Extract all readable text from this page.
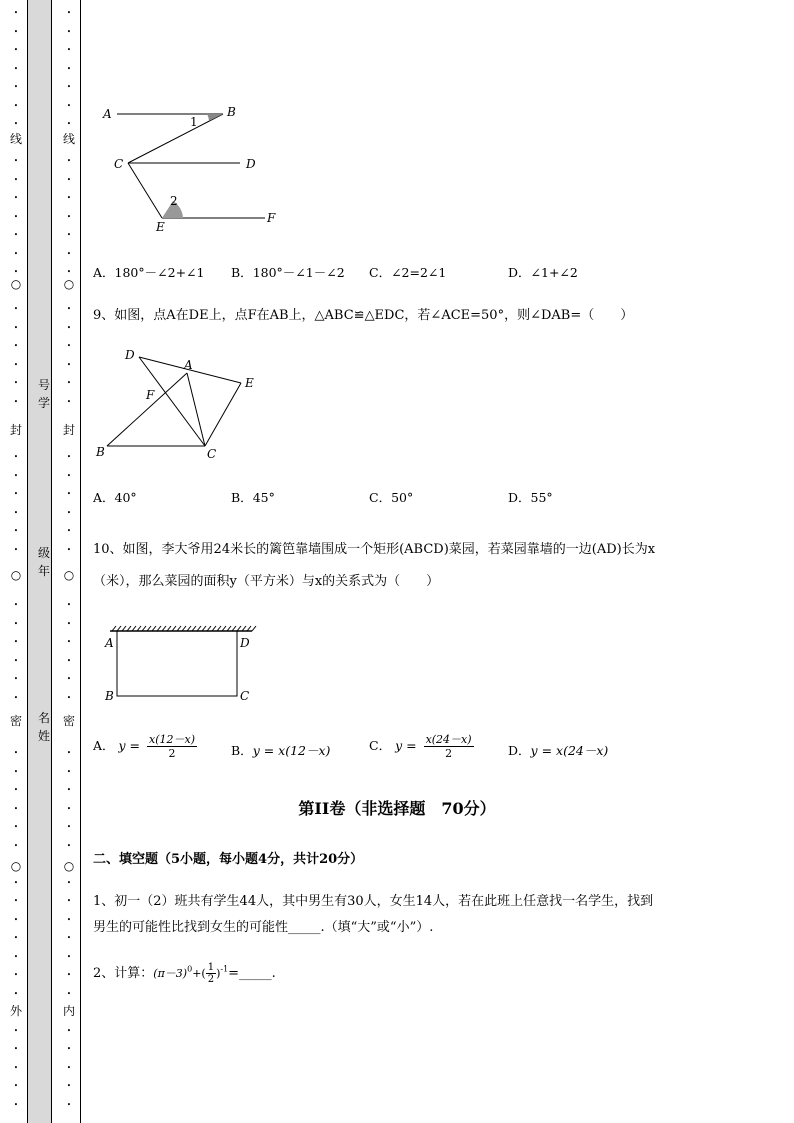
•
•
•
•
•
•
•
•
•
•
•
•
•
•
•
•
•
•
•
•
•
•
•
•
•
•
•
•
•
•
•
•
•
•
•
•
•
•
•
•
•
•
•
•
•
•
•
•
•
•
•
•
•
•
•
•
•
•
•
•
•
•
•
•
•
•
•
•
•
•
•
•
•
•
•
•
•
•
•
•
•
•
•
•
•
•
•
•
•
•
•
•
•
•
•
•
•
•
•
•
线
○
封
○
密
○
外
线
○
封
○
密
○
内
号学
级年
名姓
A	B
1
C	D
2
E
F
A．180°－∠2+∠1 B．180°－∠1－∠2 C．∠2=2∠1	D．∠1+∠2
9、如图，点A在DE上，点F在AB上，△ABC≌△EDC，若∠ACE=50°，则∠DAB=（　　）
D
A
E
F
B	C
A．40°	B．45°	C．50°	D．55°
10、如图，李大爷用24米长的篱笆靠墙围成一个矩形(ABCD)菜园，若菜园靠墙的一边(AD)长为x
（米），那么菜园的面积y（平方米）与x的关系式为（　　）
A	D
B	C
A． $y = \frac{x(12-x)}{2}$	B．y = x(12－x)	C． $y = \frac{x(24-x)}{2}$	D．y = x(24－x)
第II卷（非选择题　70分）
二、填空题（5小题，每小题4分，共计20分）
1、初一（2）班共有学生44人，其中男生有30人，女生14人，若在此班上任意找一名学生，找到
男生的可能性比找到女生的可能性_____.（填“大”或“小”）.
2、计算：$(\pi-3)^0+( \frac{1}{2}$ )$^{-1}=\_\_\_\_\_$.
